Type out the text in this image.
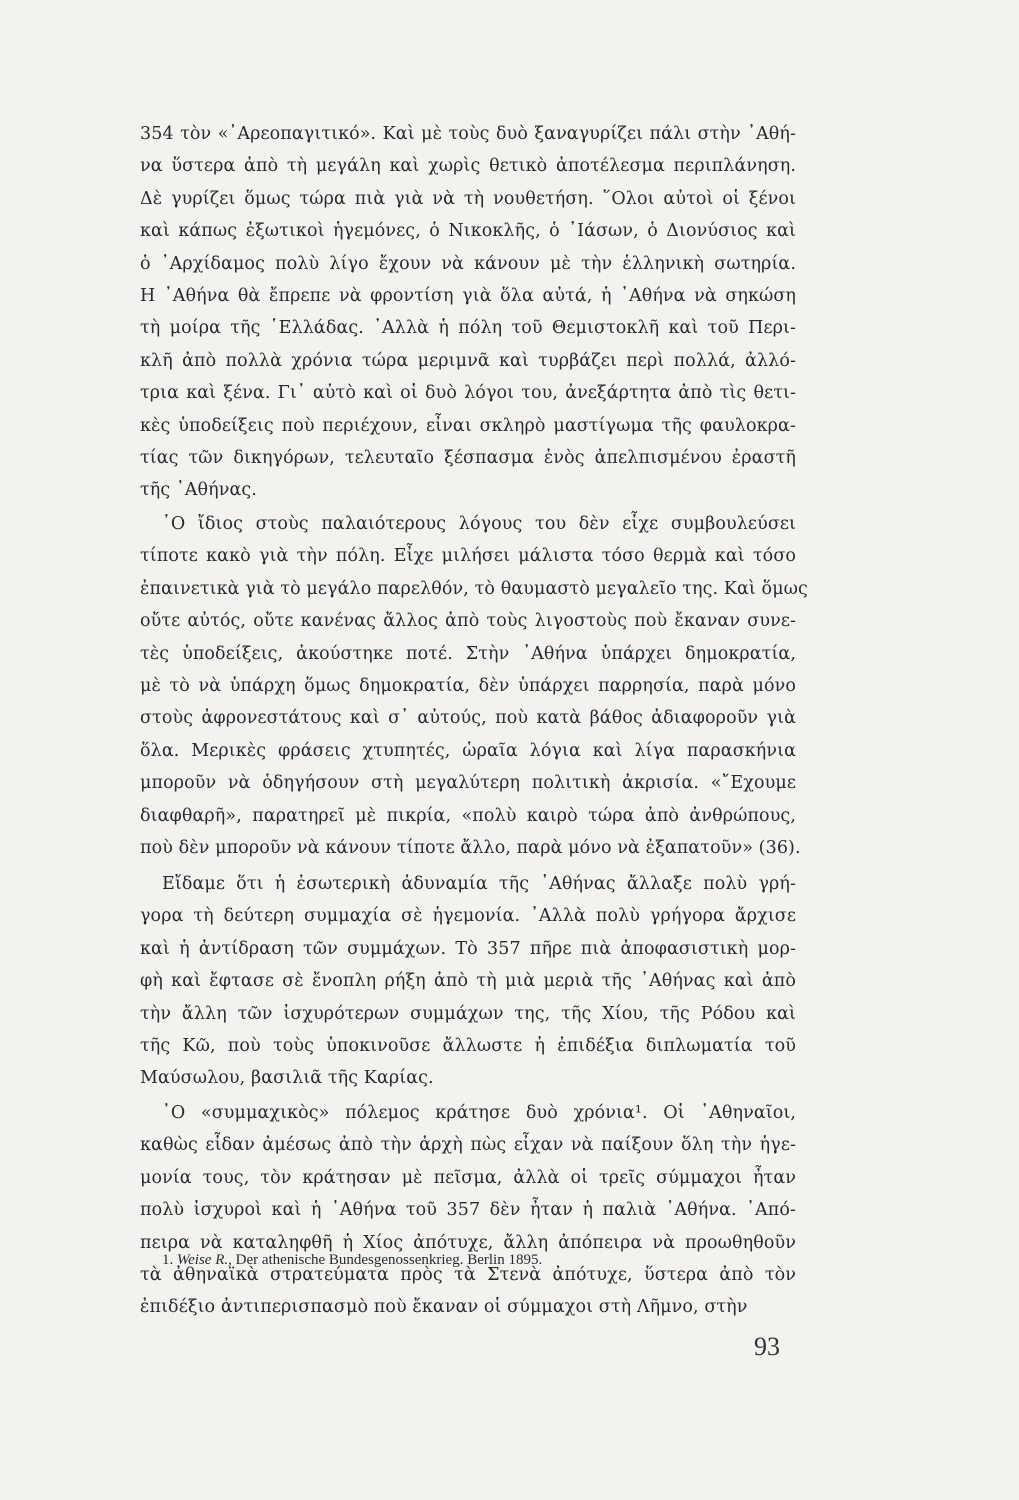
354 τὸν «᾿Αρεοπαγιτικό». Καὶ μὲ τοὺς δυὸ ξαναγυρίζει πάλι στὴν ᾿Αθή-
να ὕστερα ἀπὸ τὴ μεγάλη καὶ χωρὶς θετικὸ ἀποτέλεσμα περιπλάνηση.
Δὲ γυρίζει ὅμως τώρα πιὰ γιὰ νὰ τὴ νουθετήση. ῞Ολοι αὐτοὶ οἱ ξένοι
καὶ κάπως ἐξωτικοὶ ἡγεμόνες, ὁ Νικοκλῆς, ὁ ᾿Ιάσων, ὁ Διονύσιος καὶ
ὁ ᾿Αρχίδαμος πολὺ λίγο ἔχουν νὰ κάνουν μὲ τὴν ἑλληνικὴ σωτηρία.
Η ᾿Αθήνα θὰ ἔπρεπε νὰ φροντίση γιὰ ὅλα αὐτά, ἡ ᾿Αθήνα νὰ σηκώση
τὴ μοίρα τῆς ῾Ελλάδας. ᾿Αλλὰ ἡ πόλη τοῦ Θεμιστοκλῆ καὶ τοῦ Περι-
κλῆ ἀπὸ πολλὰ χρόνια τώρα μεριμνᾶ καὶ τυρβάζει περὶ πολλά, ἀλλό-
τρια καὶ ξένα. Γι᾿ αὐτὸ καὶ οἱ δυὸ λόγοι του, ἀνεξάρτητα ἀπὸ τὶς θετι-
κὲς ὑποδείξεις ποὺ περιέχουν, εἶναι σκληρὸ μαστίγωμα τῆς φαυλοκρα-
τίας τῶν δικηγόρων, τελευταῖο ξέσπασμα ἑνὸς ἀπελπισμένου ἐραστῆ
τῆς ᾿Αθήνας.
῾Ο ἴδιος στοὺς παλαιότερους λόγους του δὲν εἶχε συμβουλεύσει
τίποτε κακὸ γιὰ τὴν πόλη. Εἶχε μιλήσει μάλιστα τόσο θερμὰ καὶ τόσο
ἐπαινετικὰ γιὰ τὸ μεγάλο παρελθόν, τὸ θαυμαστὸ μεγαλεῖο της. Καὶ ὅμως
οὔτε αὐτός, οὔτε κανένας ἄλλος ἀπὸ τοὺς λιγοστοὺς ποὺ ἔκαναν συνε-
τὲς ὑποδείξεις, ἀκούστηκε ποτέ. Στὴν ᾿Αθήνα ὑπάρχει δημοκρατία,
μὲ τὸ νὰ ὑπάρχη ὅμως δημοκρατία, δὲν ὑπάρχει παρρησία, παρὰ μόνο
στοὺς ἀφρονεστάτους καὶ σ᾿ αὐτούς, ποὺ κατὰ βάθος ἀδιαφοροῦν γιὰ
ὅλα. Μερικὲς φράσεις χτυπητές, ὡραῖα λόγια καὶ λίγα παρασκήνια
μποροῦν νὰ ὁδηγήσουν στὴ μεγαλύτερη πολιτικὴ ἀκρισία. «῎Εχουμε
διαφθαρῆ», παρατηρεῖ μὲ πικρία, «πολὺ καιρὸ τώρα ἀπὸ ἀνθρώπους,
ποὺ δὲν μποροῦν νὰ κάνουν τίποτε ἄλλο, παρὰ μόνο νὰ ἐξαπατοῦν» (36).
Εἴδαμε ὅτι ἡ ἐσωτερικὴ ἀδυναμία τῆς ᾿Αθήνας ἄλλαξε πολὺ γρή-
γορα τὴ δεύτερη συμμαχία σὲ ἡγεμονία. ᾿Αλλὰ πολὺ γρήγορα ἄρχισε
καὶ ἡ ἀντίδραση τῶν συμμάχων. Τὸ 357 πῆρε πιὰ ἀποφασιστικὴ μορ-
φὴ καὶ ἔφτασε σὲ ἔνοπλη ρήξη ἀπὸ τὴ μιὰ μεριὰ τῆς ᾿Αθήνας καὶ ἀπὸ
τὴν ἄλλη τῶν ἰσχυρότερων συμμάχων της, τῆς Χίου, τῆς Ρόδου καὶ
τῆς Κῶ, ποὺ τοὺς ὑποκινοῦσε ἄλλωστε ἡ ἐπιδέξια διπλωματία τοῦ
Μαύσωλου, βασιλιᾶ τῆς Καρίας.
῾Ο «συμμαχικὸς» πόλεμος κράτησε δυὸ χρόνια¹. Οἱ ᾿Αθηναῖοι,
καθὼς εἶδαν ἀμέσως ἀπὸ τὴν ἀρχὴ πὼς εἶχαν νὰ παίξουν ὅλη τὴν ἡγε-
μονία τους, τὸν κράτησαν μὲ πεῖσμα, ἀλλὰ οἱ τρεῖς σύμμαχοι ἦταν
πολὺ ἰσχυροὶ καὶ ἡ ᾿Αθήνα τοῦ 357 δὲν ἦταν ἡ παλιὰ ᾿Αθήνα. ᾿Από-
πειρα νὰ καταληφθῆ ἡ Χίος ἀπότυχε, ἄλλη ἀπόπειρα νὰ προωθηθοῦν
τὰ ἀθηναϊκὰ στρατεύματα πρὸς τὰ Στενὰ ἀπότυχε, ὕστερα ἀπὸ τὸν
ἐπιδέξιο ἀντιπερισπασμὸ ποὺ ἔκαναν οἱ σύμμαχοι στὴ Λῆμνο, στὴν
1. Weise R., Der athenische Bundesgenossenkrieg. Berlin 1895.
93
